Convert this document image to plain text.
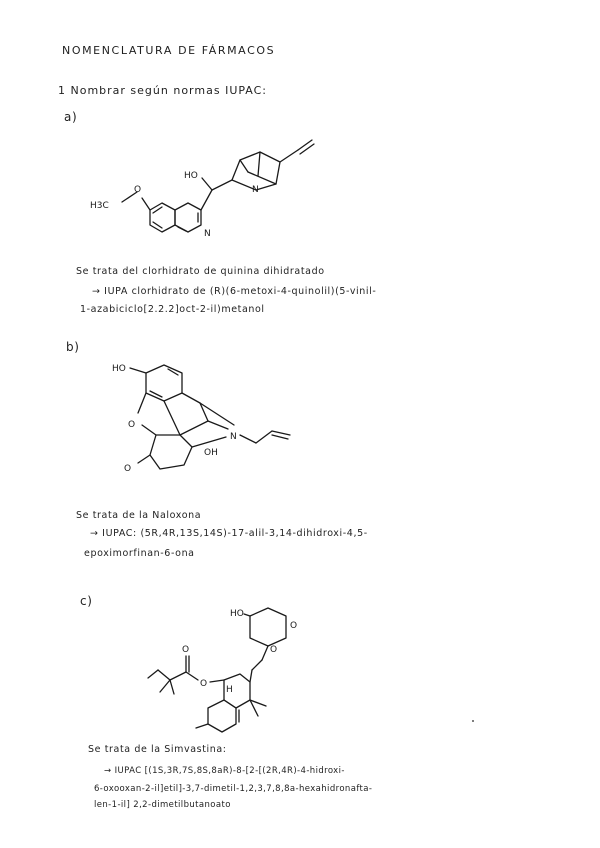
NOMENCLATURA DE FÁRMACOS
1 Nombrar según normas IUPAC:
a)
O
H3C
HO
N
N
Se trata del clorhidrato de quinina dihidratado
→ IUPA clorhidrato de (R)(6-metoxi-4-quinolil)(5-vinil-
1-azabiciclo[2.2.2]oct-2-il)metanol
b)
HO
O
N
OH
O
Se trata de la Naloxona
→ IUPAC: (5R,4R,13S,14S)-17-alil-3,14-dihidroxi-4,5-
epoximorfinan-6-ona
c)
HO
O
O
H
O
O
Se trata de la Simvastina:
→ IUPAC [(1S,3R,7S,8S,8aR)-8-[2-[(2R,4R)-4-hidroxi-
6-oxooxan-2-il]etil]-3,7-dimetil-1,2,3,7,8,8a-hexahidronafta-
len-1-il] 2,2-dimetilbutanoato
